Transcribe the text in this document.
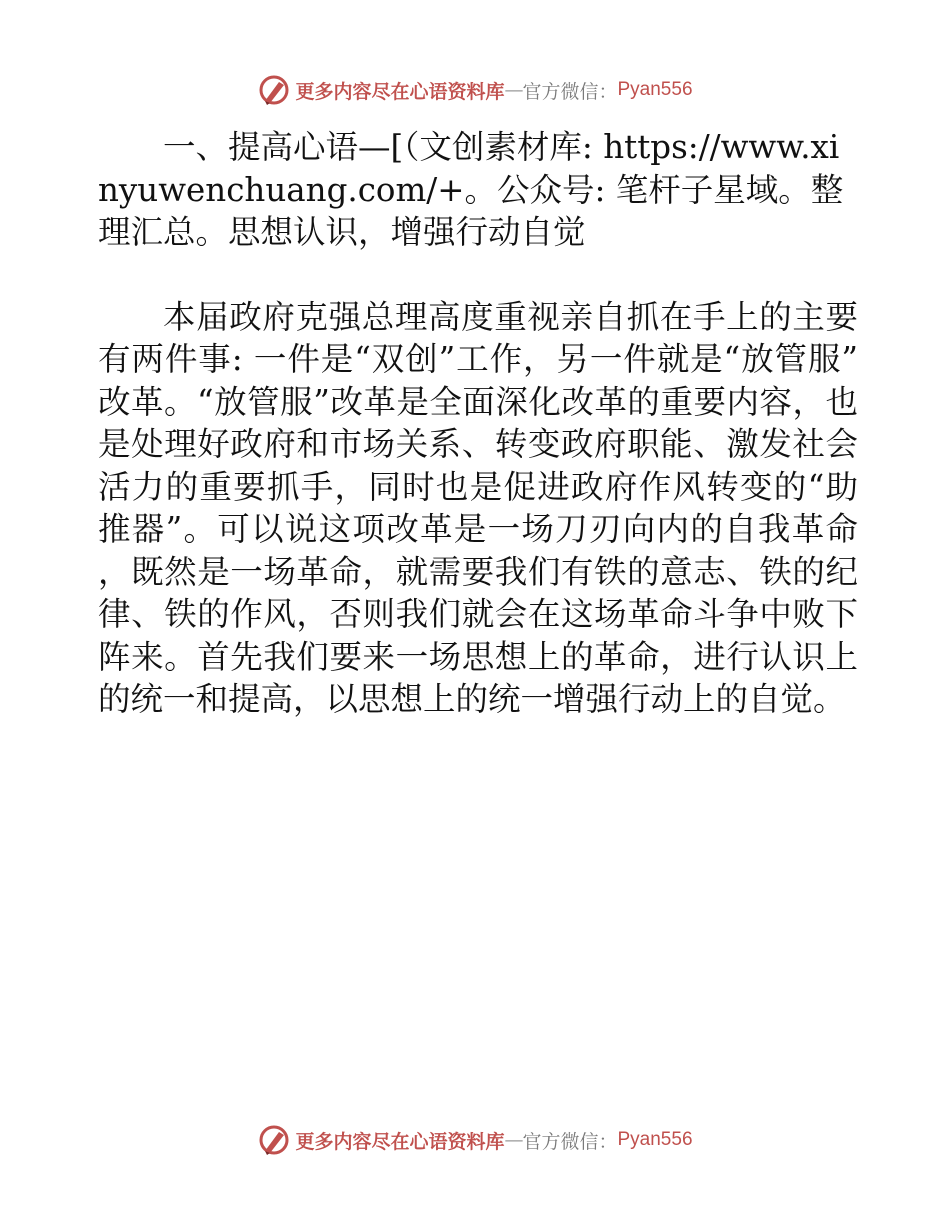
更多内容尽在心语资料库 — 官方微信： Pyan556

一、提高心语—[（文创素材库: https://www.xinyuwenchuang.com/+。公众号: 笔杆子星域。整理汇总。思想认识，增强行动自觉

本届政府克强总理高度重视亲自抓在手上的主要有两件事: 一件是“双创”工作，另一件就是“放管服”改革。“放管服”改革是全面深化改革的重要内容，也是处理好政府和市场关系、转变政府职能、激发社会活力的重要抓手，同时也是促进政府作风转变的“助推器”。可以说这项改革是一场刀刃向内的自我革命，既然是一场革命，就需要我们有铁的意志、铁的纪律、铁的作风，否则我们就会在这场革命斗争中败下阵来。首先我们要来一场思想上的革命，进行认识上的统一和提高，以思想上的统一增强行动上的自觉。

更多内容尽在心语资料库 — 官方微信： Pyan556
